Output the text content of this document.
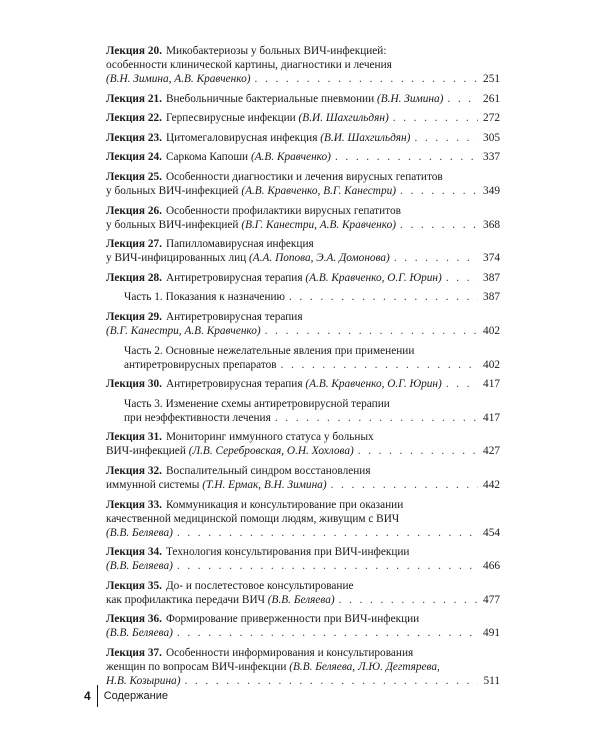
Лекция 20. Микобактериозы у больных ВИЧ-инфекцией:
особенности клинической картины, диагностики и лечения
(В.Н. Зимина, А.В. Кравченко) . . .	251
Лекция 21. Внебольничные бактериальные пневмонии (В.Н. Зимина) . . .	261
Лекция 22. Герпесвирусные инфекции (В.И. Шахгильдян) . . .	272
Лекция 23. Цитомегаловирусная инфекция (В.И. Шахгильдян) . . .	305
Лекция 24. Саркома Капоши (А.В. Кравченко) . . .	337
Лекция 25. Особенности диагностики и лечения вирусных гепатитов
у больных ВИЧ-инфекцией (А.В. Кравченко, В.Г. Канестри) . . .	349
Лекция 26. Особенности профилактики вирусных гепатитов
у больных ВИЧ-инфекцией (В.Г. Канестри, А.В. Кравченко) . . .	368
Лекция 27. Папилломавирусная инфекция
у ВИЧ-инфицированных лиц (А.А. Попова, Э.А. Домонова) . . .	374
Лекция 28. Антиретровирусная терапия (А.В. Кравченко, О.Г. Юрин) . . .	387
Часть 1. Показания к назначению . . .	387
Лекция 29. Антиретровирусная терапия
(В.Г. Канестри, А.В. Кравченко) . . .	402
Часть 2. Основные нежелательные явления при применении
антиретровирусных препаратов . . .	402
Лекция 30. Антиретровирусная терапия (А.В. Кравченко, О.Г. Юрин) . . .	417
Часть 3. Изменение схемы антиретровирусной терапии
при неэффективности лечения . . .	417
Лекция 31. Мониторинг иммунного статуса у больных
ВИЧ-инфекцией (Л.В. Серебровская, О.Н. Хохлова) . . .	427
Лекция 32. Воспалительный синдром восстановления
иммунной системы (Т.Н. Ермак, В.Н. Зимина) . . .	442
Лекция 33. Коммуникация и консультирование при оказании
качественной медицинской помощи людям, живущим с ВИЧ
(В.В. Беляева) . . .	454
Лекция 34. Технология консультирования при ВИЧ-инфекции
(В.В. Беляева) . . .	466
Лекция 35. До- и послетестовое консультирование
как профилактика передачи ВИЧ (В.В. Беляева) . . .	477
Лекция 36. Формирование приверженности при ВИЧ-инфекции
(В.В. Беляева) . . .	491
Лекция 37. Особенности информирования и консультирования
женщин по вопросам ВИЧ-инфекции (В.В. Беляева, Л.Ю. Дегтярева,
Н.В. Козырина) . . .	511
4 Содержание
